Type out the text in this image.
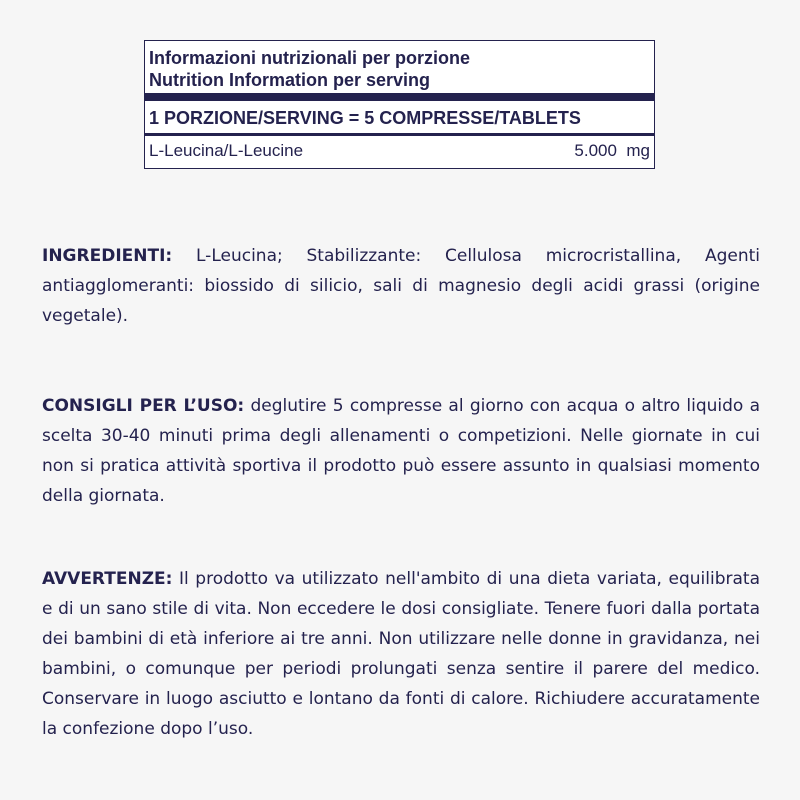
Informazioni nutrizionali per porzione
Nutrition Information per serving
1 PORZIONE/SERVING = 5 COMPRESSE/TABLETS
L-Leucina/L-Leucine	5.000  mg

INGREDIENTI: L-Leucina; Stabilizzante: Cellulosa microcristallina, Agenti antiagglomeranti: biossido di silicio, sali di magnesio degli acidi grassi (origine vegetale).

CONSIGLI PER L’USO: deglutire 5 compresse al giorno con acqua o altro liquido a scelta 30-40 minuti prima degli allenamenti o competizioni. Nelle giornate in cui non si pratica attività sportiva il prodotto può essere assunto in qualsiasi momento della giornata.

AVVERTENZE: Il prodotto va utilizzato nell'ambito di una dieta variata, equilibrata e di un sano stile di vita. Non eccedere le dosi consigliate. Tenere fuori dalla portata dei bambini di età inferiore ai tre anni. Non utilizzare nelle donne in gravidanza, nei bambini, o comunque per periodi prolungati senza sentire il parere del medico. Conservare in luogo asciutto e lontano da fonti di calore. Richiudere accuratamente la confezione dopo l’uso.
